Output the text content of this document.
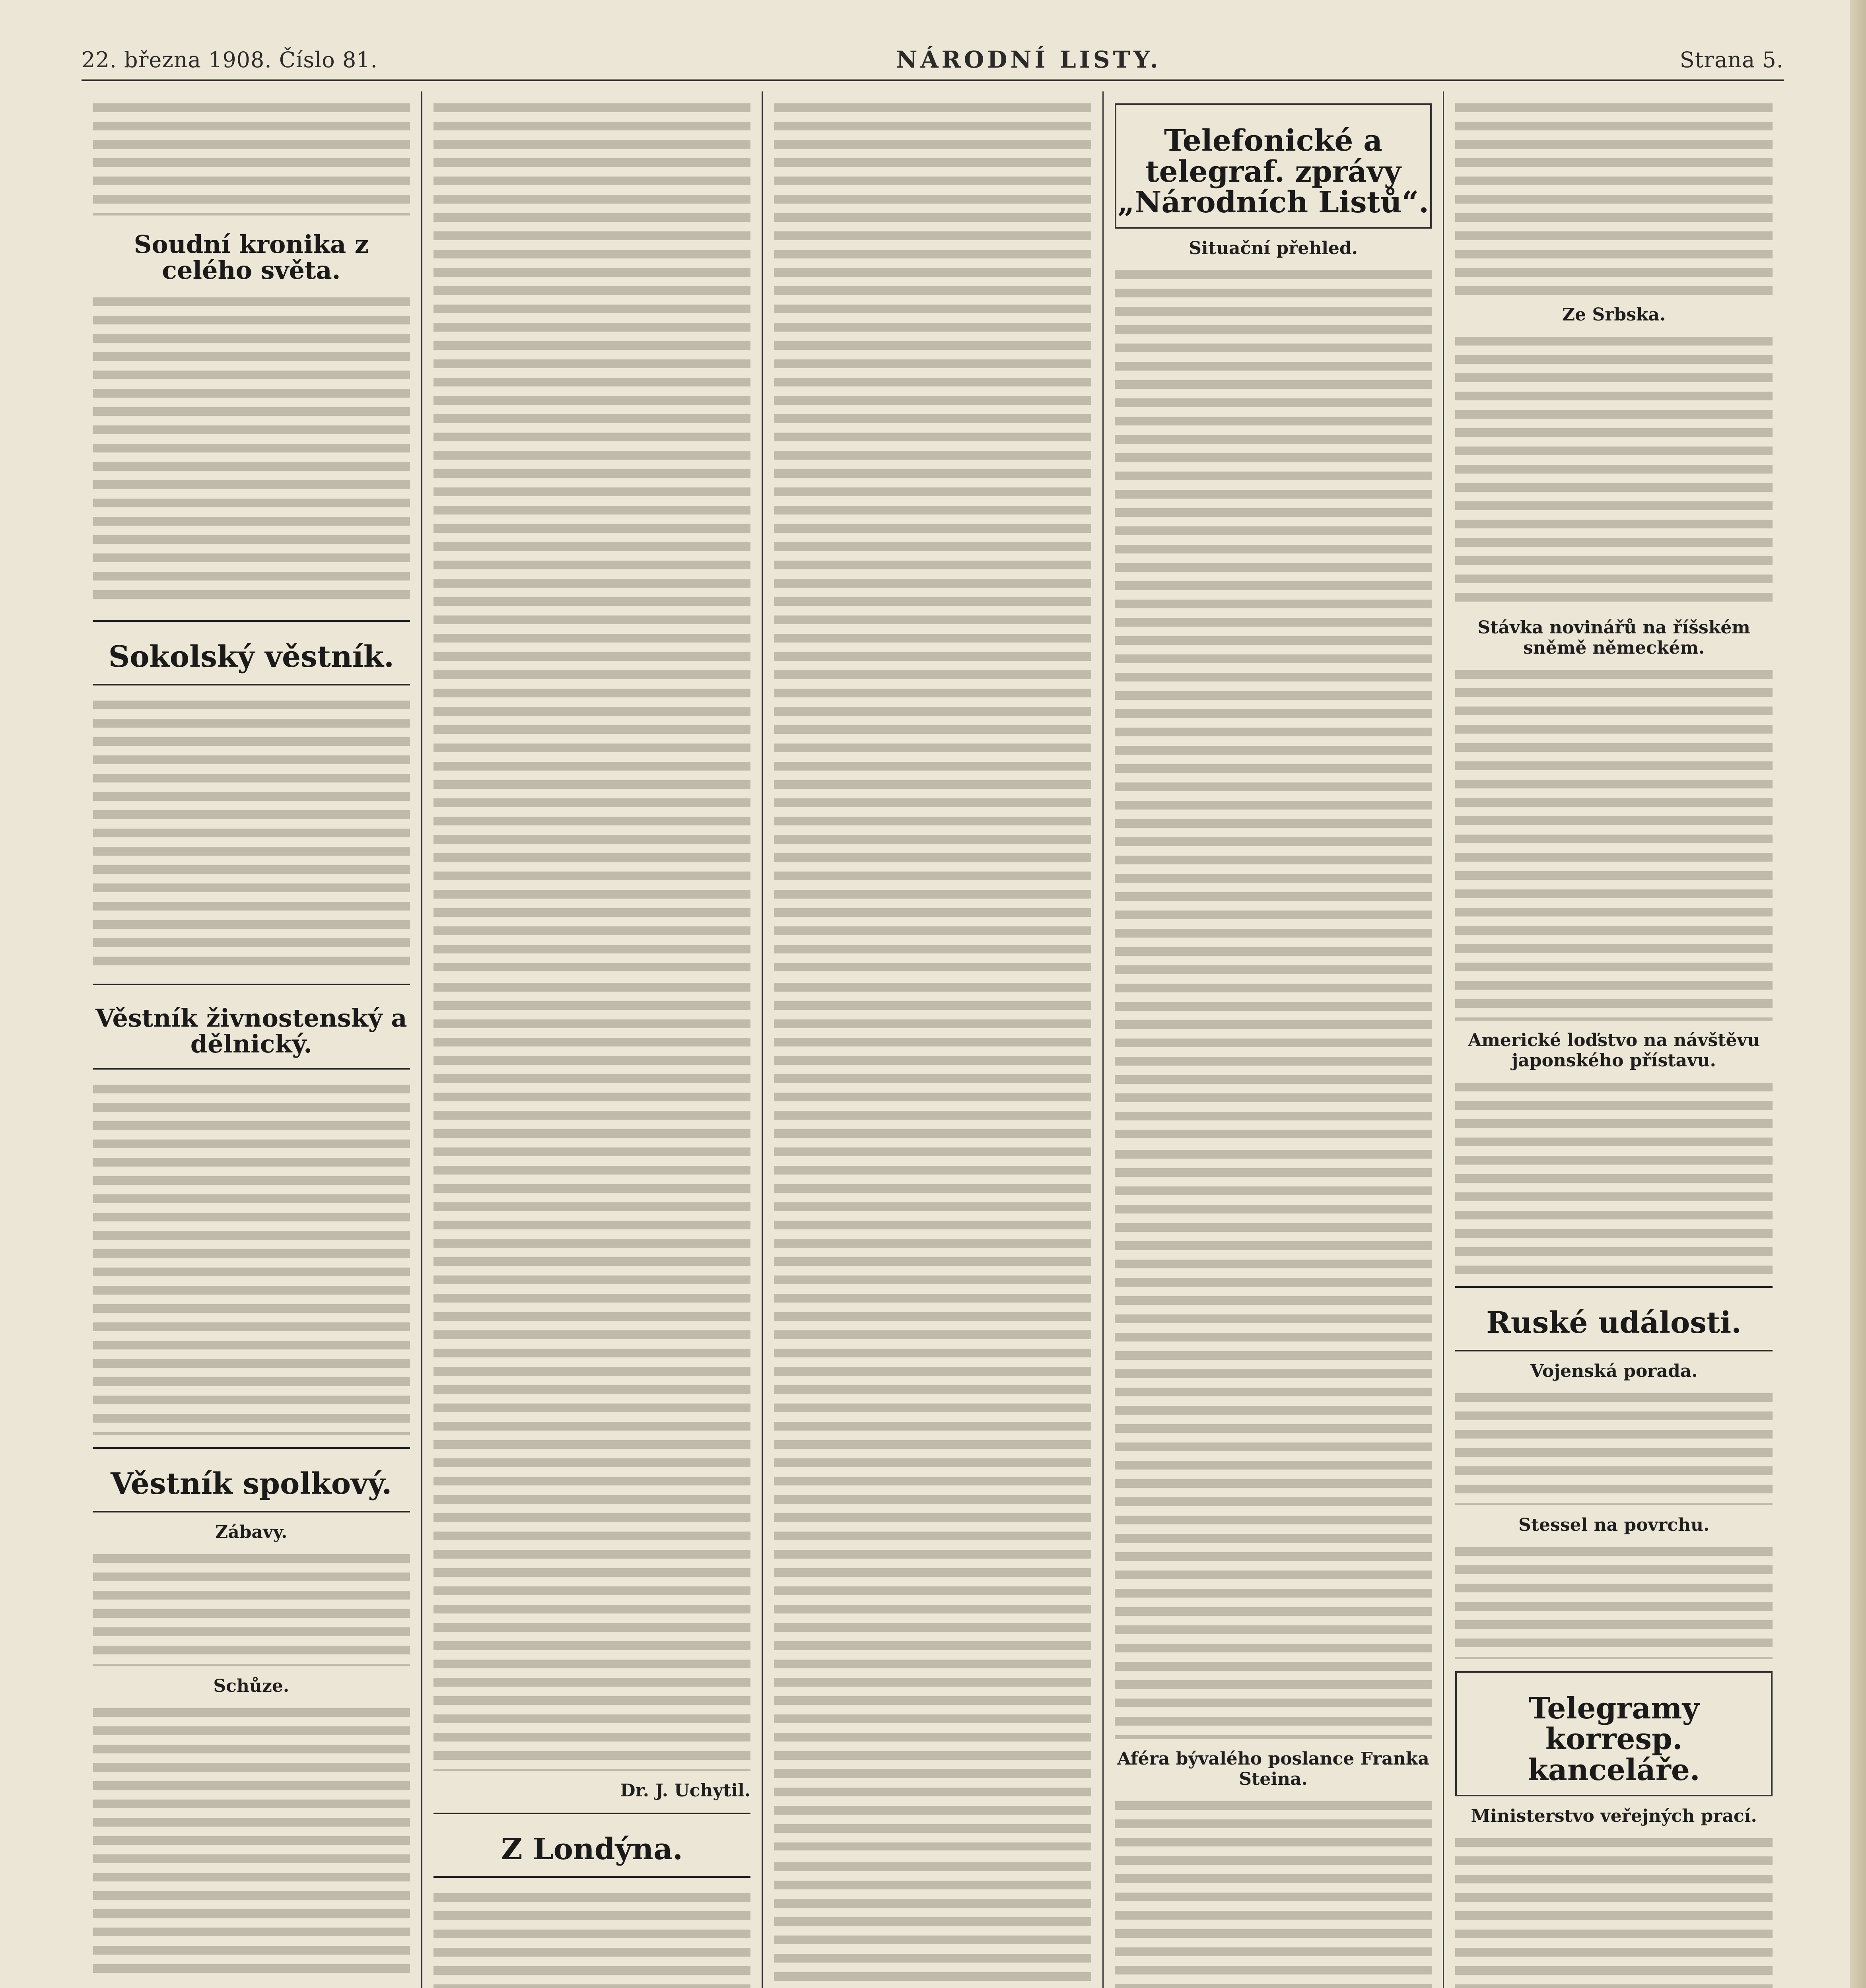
22. března 1908. Číslo 81.	NÁRODNÍ LISTY.	Strana 5.
Soudní kronika z celého světa.
Sokolský věstník.
Věstník živnostenský a dělnický.
Věstník spolkový.
Zábavy.
Schůze.
Dr. J. Uchytil.
Z Londýna.
Telefonické a telegraf. zprávy „Národních Listů“.
Situační přehled.
Aféra bývalého poslance Franka Steina.
Ze Srbska.
Stávka novinářů na říšském sněmě německém.
Americké loďstvo na návštěvu japonského přístavu.
Ruské události.
Vojenská porada.
Stessel na povrchu.
Telegramy korresp. kanceláře.
Ministerstvo veřejných prací.
